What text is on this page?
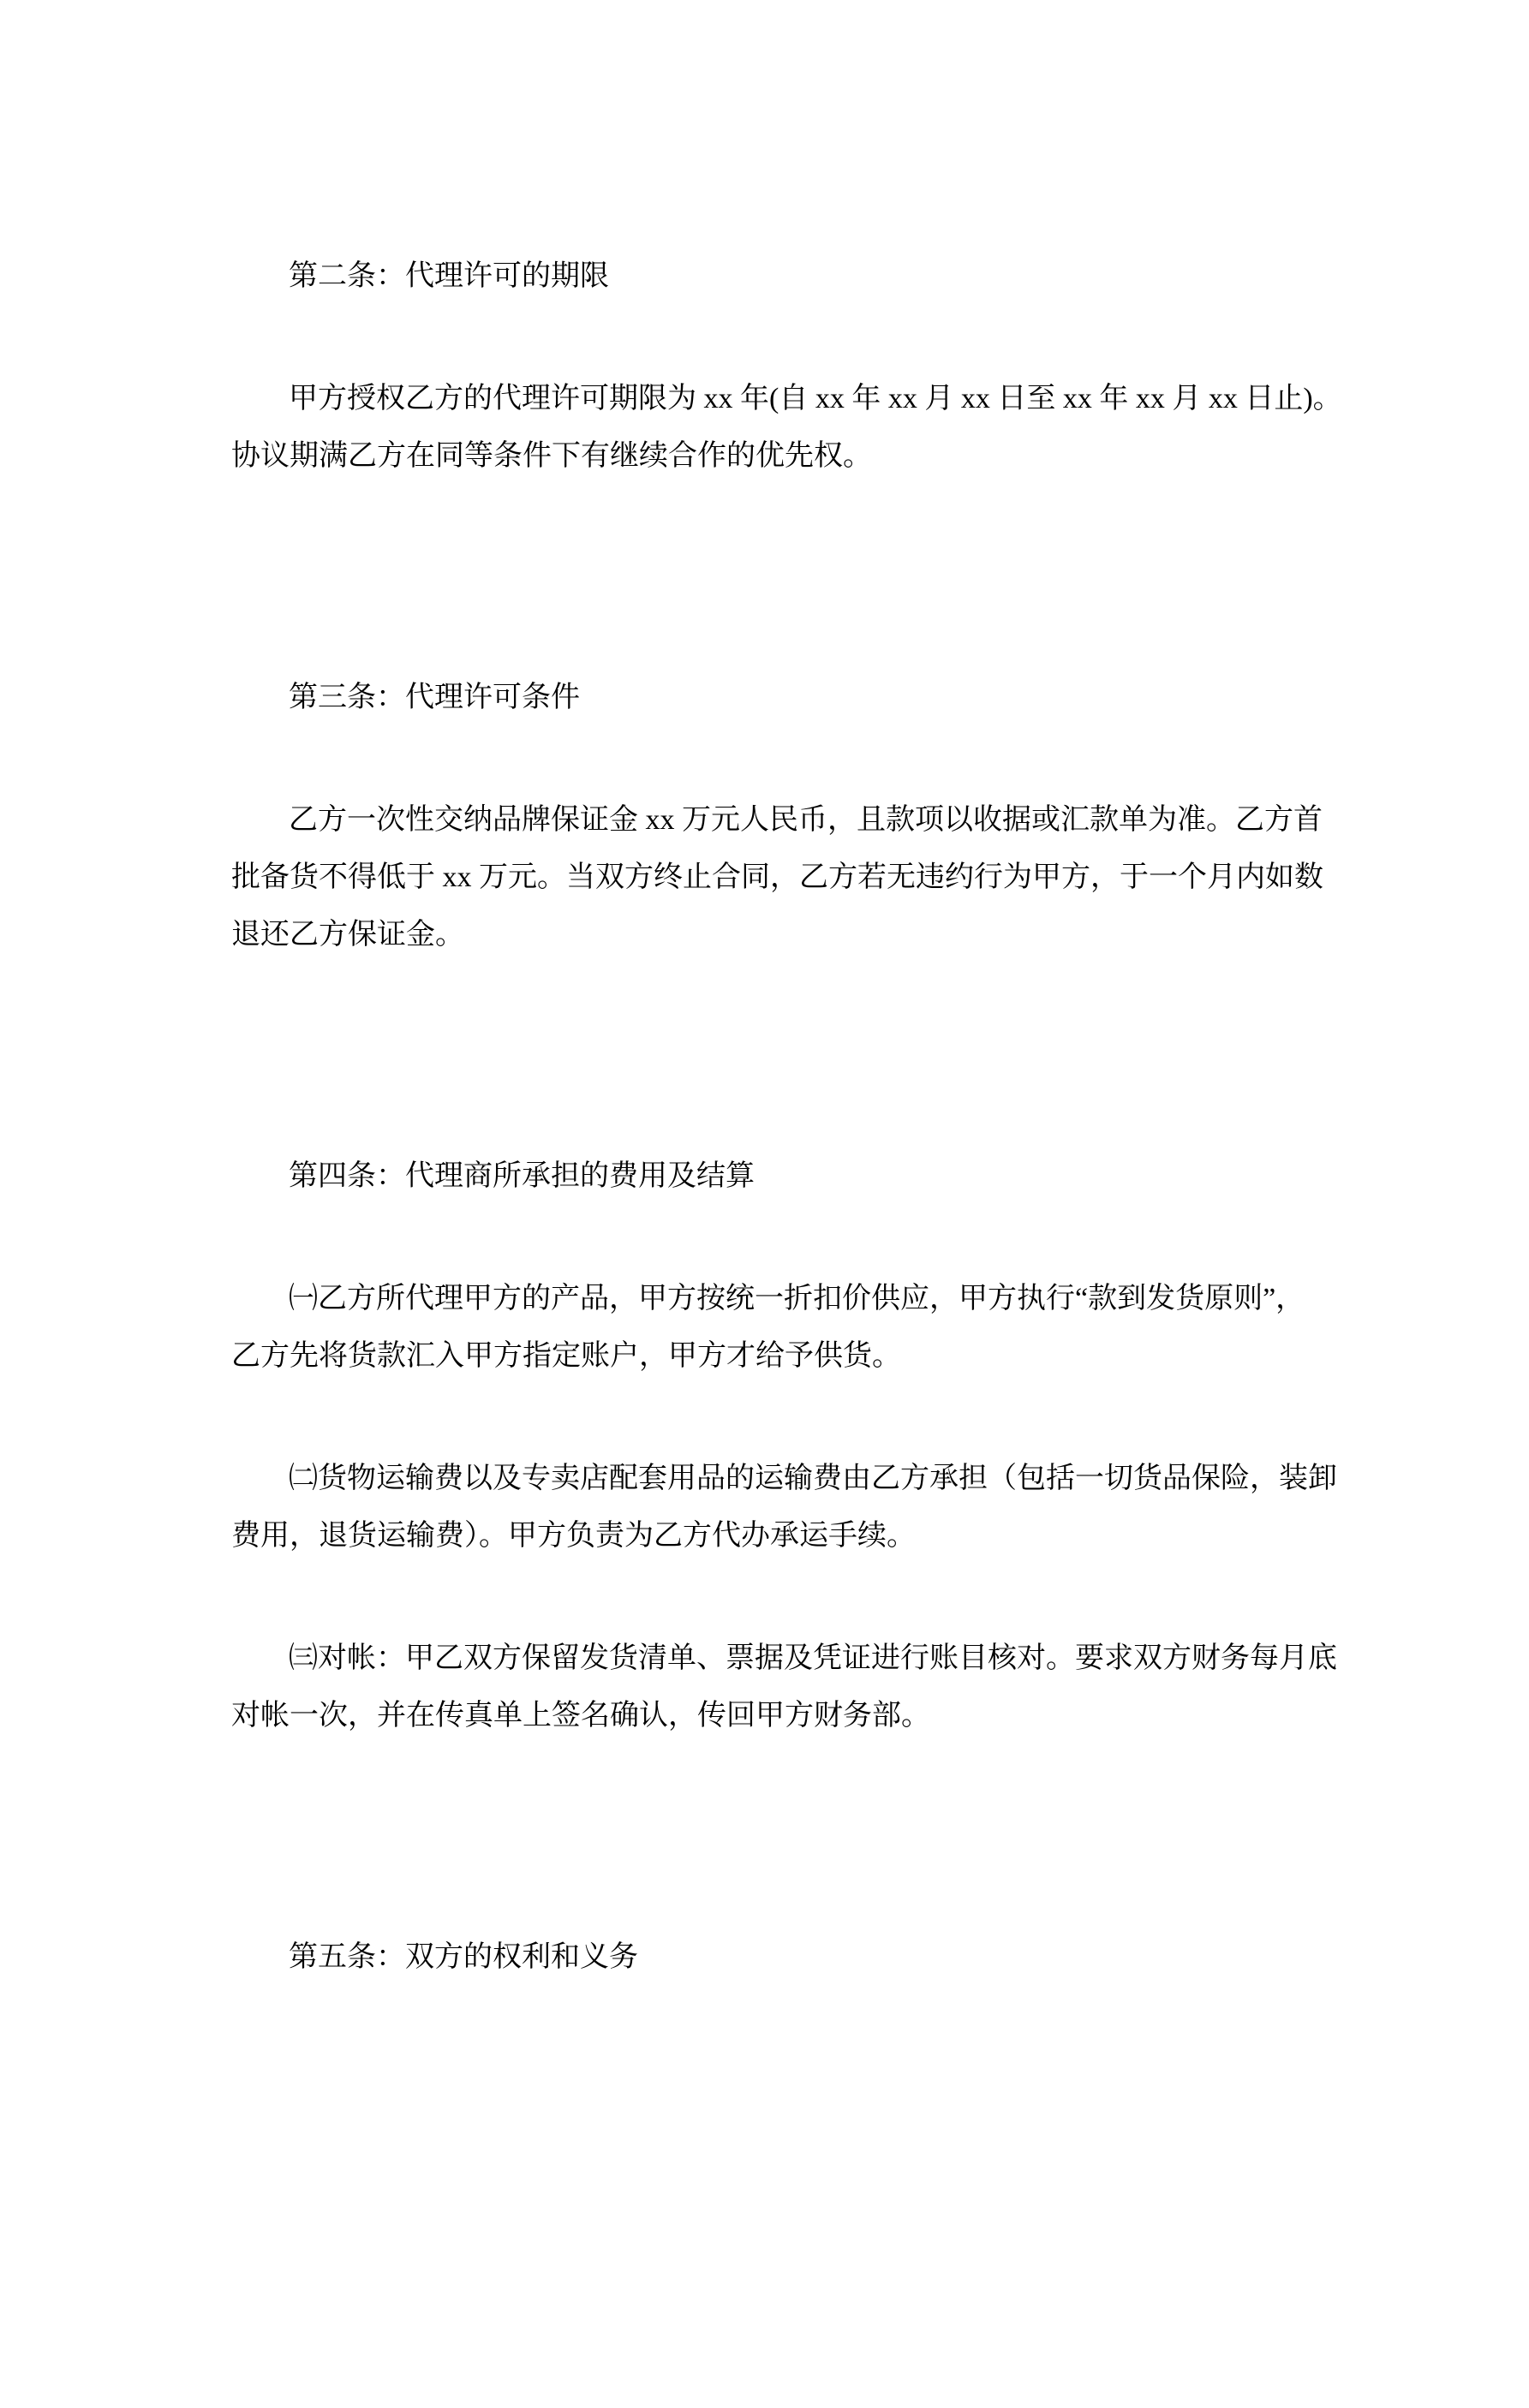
第二条：代理许可的期限
甲方授权乙方的代理许可期限为 xx 年(自 xx 年 xx 月 xx 日至 xx 年 xx 月 xx 日止)。
协议期满乙方在同等条件下有继续合作的优先权。
第三条：代理许可条件
乙方一次性交纳品牌保证金 xx 万元人民币，且款项以收据或汇款单为准。乙方首
批备货不得低于 xx 万元。当双方终止合同，乙方若无违约行为甲方，于一个月内如数
退还乙方保证金。
第四条：代理商所承担的费用及结算
㈠乙方所代理甲方的产品，甲方按统一折扣价供应，甲方执行“款到发货原则”，
乙方先将货款汇入甲方指定账户，甲方才给予供货。
㈡货物运输费以及专卖店配套用品的运输费由乙方承担（包括一切货品保险，装卸
费用，退货运输费）。甲方负责为乙方代办承运手续。
㈢对帐：甲乙双方保留发货清单、票据及凭证进行账目核对。要求双方财务每月底
对帐一次，并在传真单上签名确认，传回甲方财务部。
第五条：双方的权利和义务
